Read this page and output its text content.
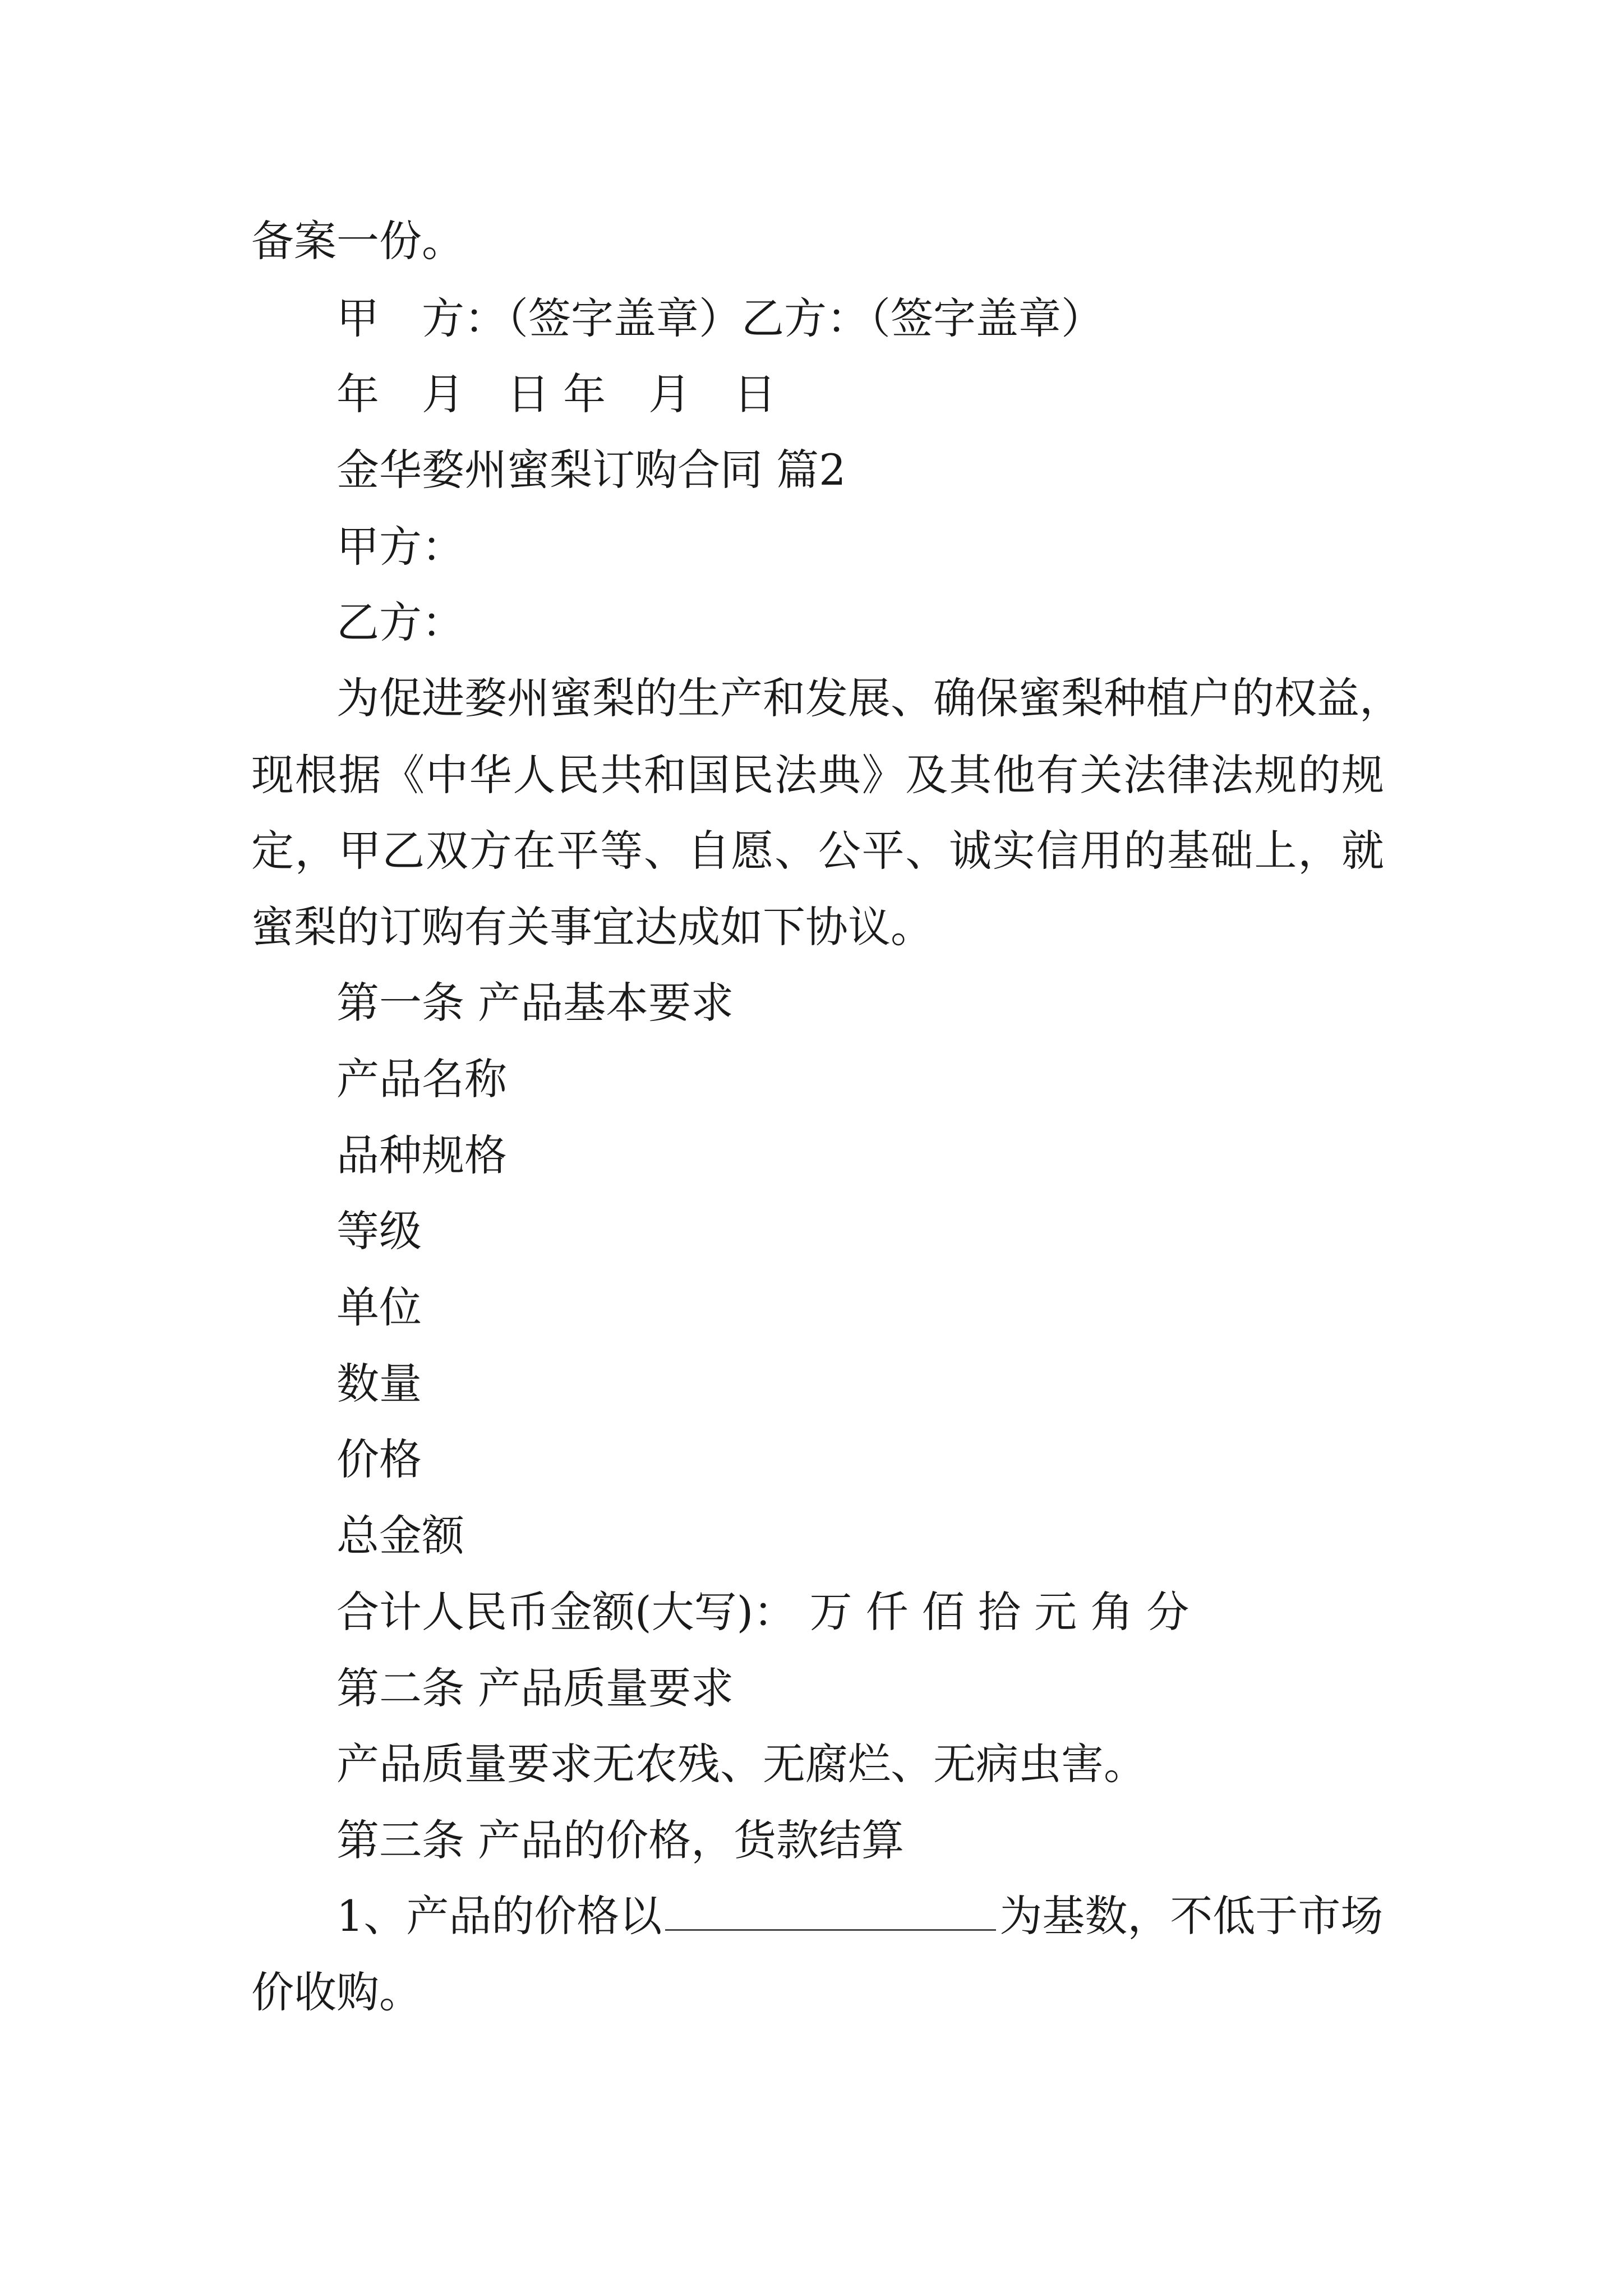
备案一份。
甲　方：（签字盖章）乙方：（签字盖章）
年　月　日 年　月　日
金华婺州蜜梨订购合同 篇2
甲方：
乙方：
为促进婺州蜜梨的生产和发展、确保蜜梨种植户的权益，
现根据《中华人民共和国民法典》及其他有关法律法规的规
定，甲乙双方在平等、自愿、公平、诚实信用的基础上，就
蜜梨的订购有关事宜达成如下协议。
第一条 产品基本要求
产品名称
品种规格
等级
单位
数量
价格
总金额
合计人民币金额(大写)： 万 仟 佰 拾 元 角 分
第二条 产品质量要求
产品质量要求无农残、无腐烂、无病虫害。
第三条 产品的价格，货款结算
1、产品的价格以	为基数，不低于市场
价收购。
